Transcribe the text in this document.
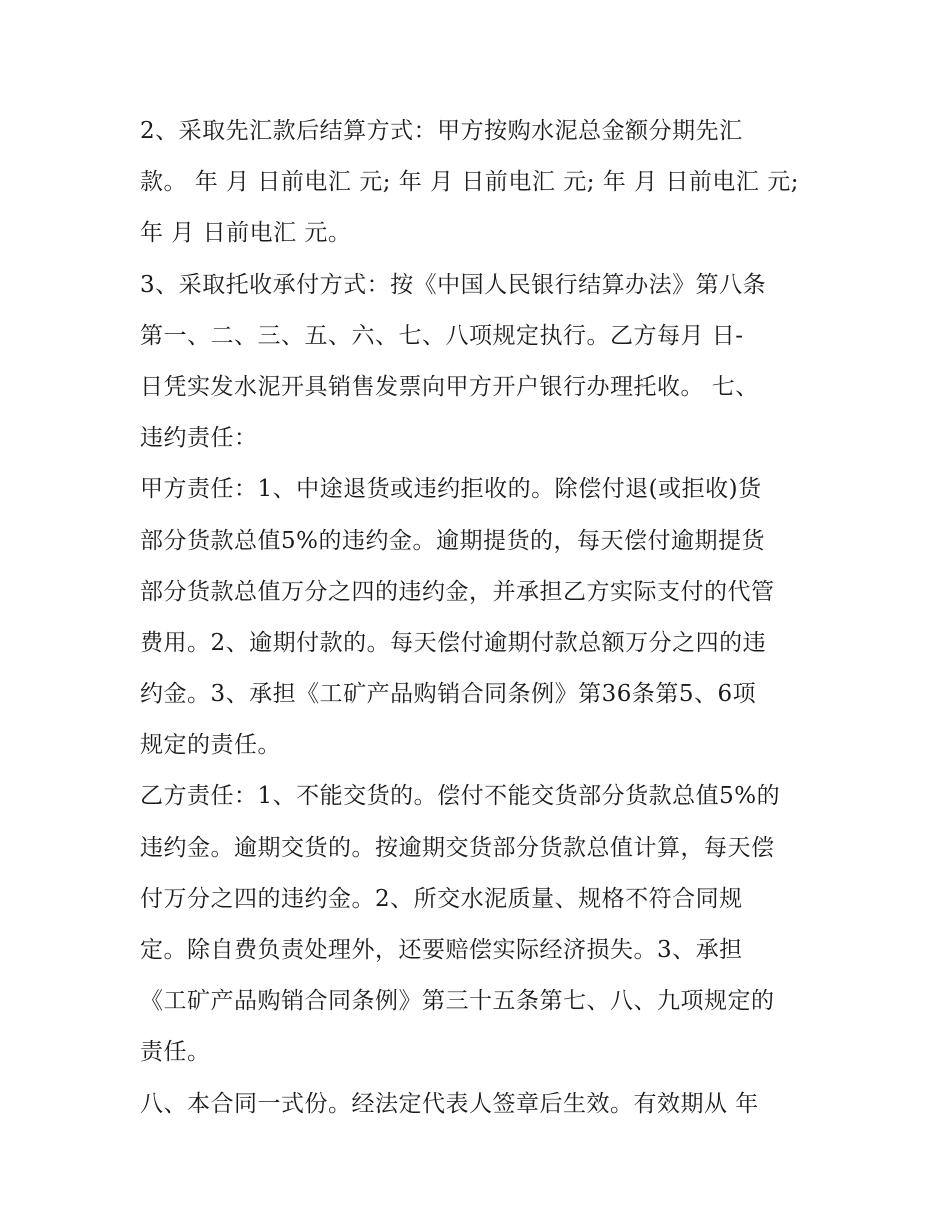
2、采取先汇款后结算方式：甲方按购水泥总金额分期先汇
款。 年 月 日前电汇 元; 年 月 日前电汇 元; 年 月 日前电汇 元;
年 月 日前电汇 元。
3、采取托收承付方式：按《中国人民银行结算办法》第八条
第一、二、三、五、六、七、八项规定执行。乙方每月 日-
日凭实发水泥开具销售发票向甲方开户银行办理托收。 七、
违约责任：
甲方责任：1、中途退货或违约拒收的。除偿付退(或拒收)货
部分货款总值5%的违约金。逾期提货的，每天偿付逾期提货
部分货款总值万分之四的违约金，并承担乙方实际支付的代管
费用。2、逾期付款的。每天偿付逾期付款总额万分之四的违
约金。3、承担《工矿产品购销合同条例》第36条第5、6项
规定的责任。
乙方责任：1、不能交货的。偿付不能交货部分货款总值5%的
违约金。逾期交货的。按逾期交货部分货款总值计算，每天偿
付万分之四的违约金。2、所交水泥质量、规格不符合同规
定。除自费负责处理外，还要赔偿实际经济损失。3、承担
《工矿产品购销合同条例》第三十五条第七、八、九项规定的
责任。
八、本合同一式份。经法定代表人签章后生效。有效期从 年
